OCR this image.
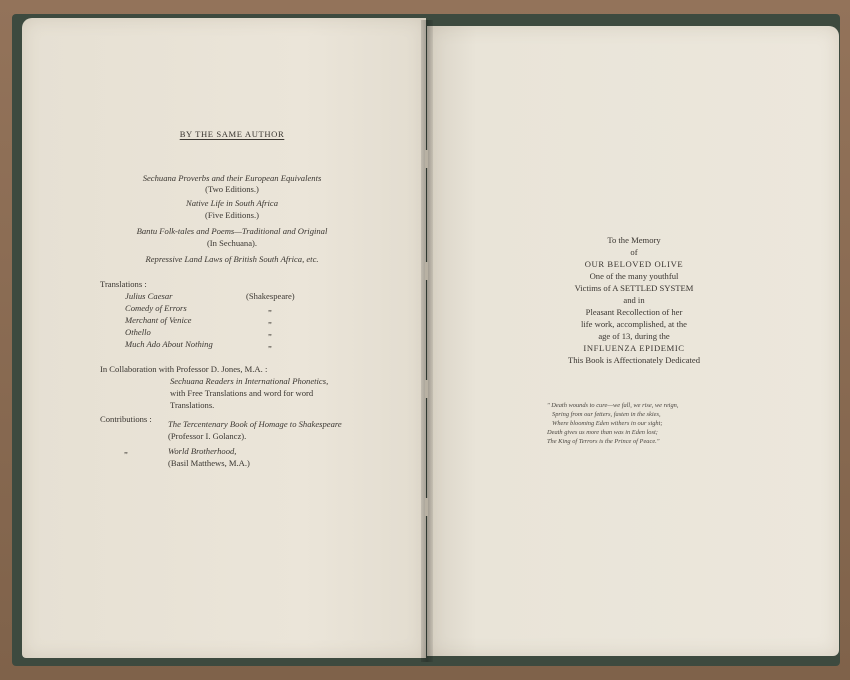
BY THE SAME AUTHOR
Sechuana Proverbs and their European Equivalents
(Two Editions.)
Native Life in South Africa
(Five Editions.)
Bantu Folk-tales and Poems—Traditional and Original
(In Sechuana).
Repressive Land Laws of British South Africa, etc.
Translations :
Julius Caesar	(Shakespeare)
Comedy of Errors	„
Merchant of Venice	„
Othello	„
Much Ado About Nothing	„
In Collaboration with Professor D. Jones, M.A. :
Sechuana Readers in International Phonetics,
with Free Translations and word for word
Translations.
Contributions : The Tercentenary Book of Homage to Shakespeare
(Professor I. Golancz).
„	World Brotherhood,
(Basil Matthews, M.A.)
To the Memory
of
OUR BELOVED OLIVE
One of the many youthful
Victims of A SETTLED SYSTEM
and in
Pleasant Recollection of her
life work, accomplished, at the
age of 13, during the
INFLUENZA EPIDEMIC
This Book is Affectionately Dedicated
" Death wounds to cure—we fall, we rise, we reign,
Spring from our fetters, fasten in the skies,
Where blooming Eden withers in our sight;
Death gives us more than was in Eden lost;
The King of Terrors is the Prince of Peace."
